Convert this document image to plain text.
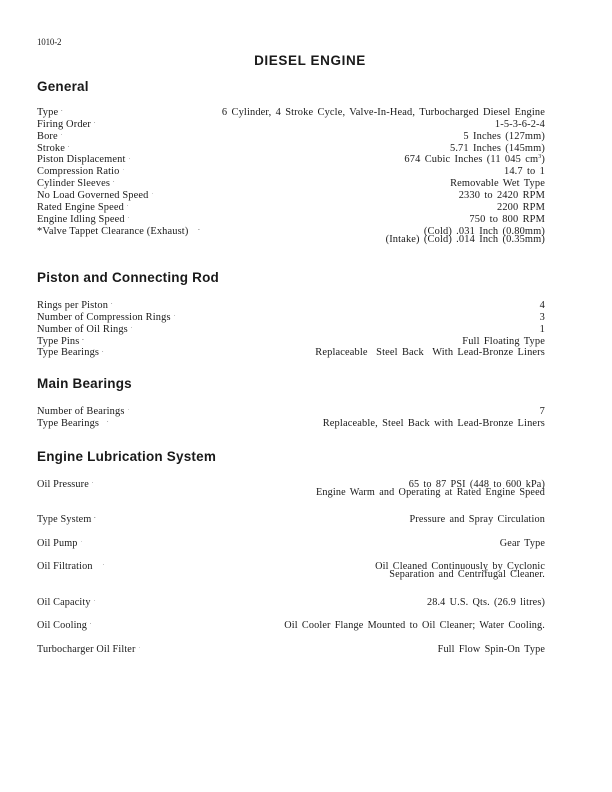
1010-2
DIESEL ENGINE
General
Type . . .	6 Cylinder, 4 Stroke Cycle, Valve-In-Head, Turbocharged Diesel Engine
Firing Order . . .	1-5-3-6-2-4
Bore . . .	5 Inches (127mm)
Stroke . . .	5.71 Inches (145mm)
Piston Displacement . . .	674 Cubic Inches (11 045 $cm^3$)
Compression Ratio . . .	14.7 to 1
Cylinder Sleeves . . .	Removable Wet Type
No Load Governed Speed . . .	2330 to 2420 RPM
Rated Engine Speed . . .	2200 RPM
Engine Idling Speed . . .	750 to 800 RPM
*Valve Tappet Clearance (Exhaust) . . .	(Cold) .031 Inch (0.80mm)
(Intake) (Cold) .014 Inch (0.35mm)
Piston and Connecting Rod
Rings per Piston . . .	4
Number of Compression Rings . . .	3
Number of Oil Rings . . .	1
Type Pins . . .	Full Floating Type
Type Bearings . . .	Replaceable  Steel Back  With Lead-Bronze Liners
Main Bearings
Number of Bearings . . .	7
Type Bearings . . .	Replaceable, Steel Back with Lead-Bronze Liners
Engine Lubrication System
Oil Pressure . . .	65 to 87 PSI (448 to 600 kPa)
Engine Warm and Operating at Rated Engine Speed
Type System . . .	Pressure and Spray Circulation
Oil Pump . . .	Gear Type
Oil Filtration . . .	Oil Cleaned Continuously by Cyclonic
Separation and Centrifugal Cleaner.
Oil Capacity . . .	28.4 U.S. Qts. (26.9 litres)
Oil Cooling . . .	Oil Cooler Flange Mounted to Oil Cleaner; Water Cooling.
Turbocharger Oil Filter . . .	Full Flow Spin-On Type
